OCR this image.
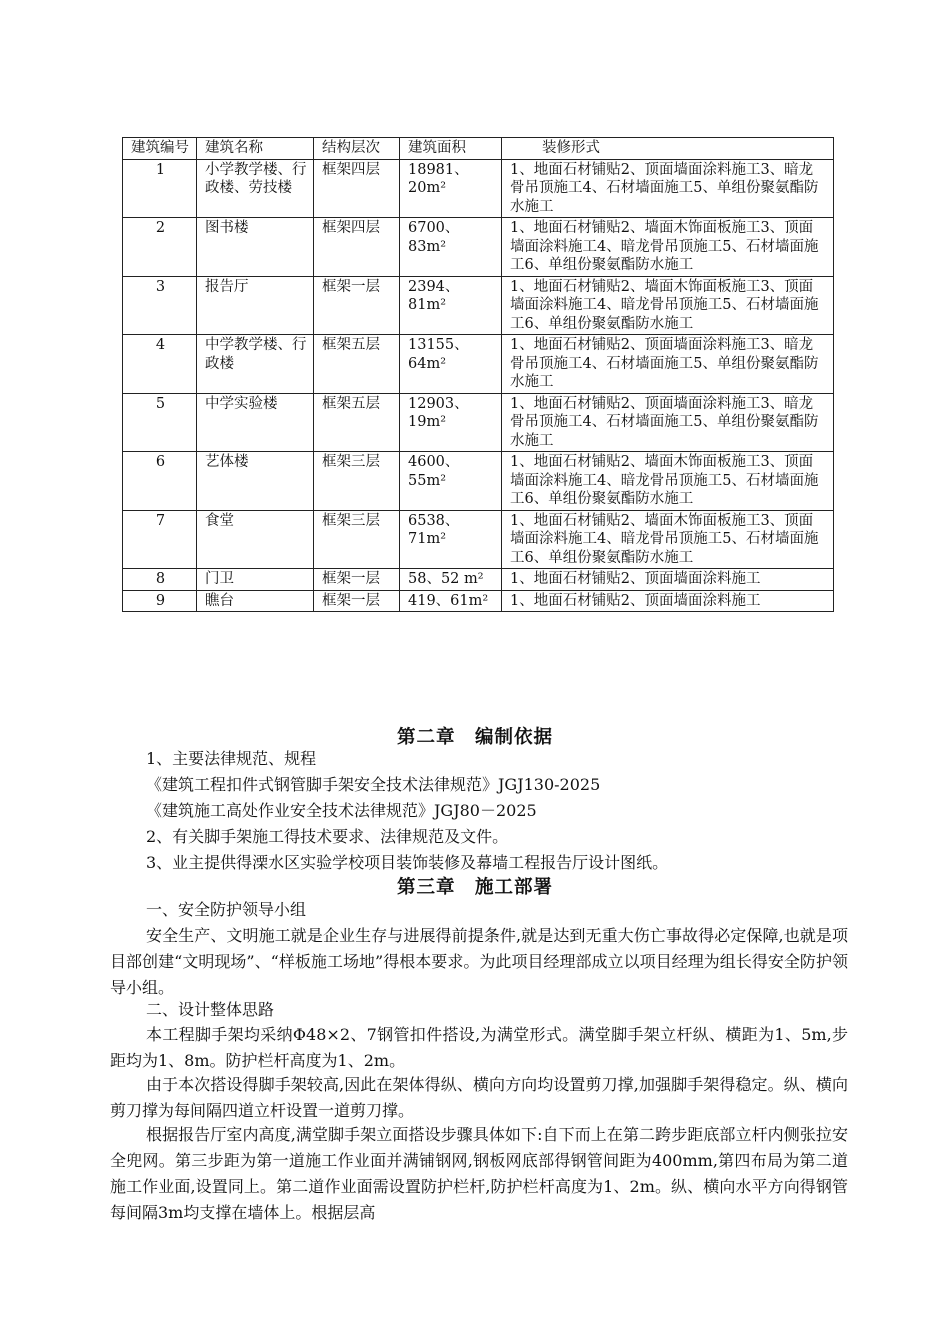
建筑编号	建筑名称	结构层次	建筑面积	装修形式
1	小学教学楼、行政楼、劳技楼	框架四层	18981、20m²	1、地面石材铺贴2、顶面墙面涂料施工3、暗龙骨吊顶施工4、石材墙面施工5、单组份聚氨酯防水施工
2	图书楼	框架四层	6700、83m²	1、地面石材铺贴2、墙面木饰面板施工3、顶面墙面涂料施工4、暗龙骨吊顶施工5、石材墙面施工6、单组份聚氨酯防水施工
3	报告厅	框架一层	2394、81m²	1、地面石材铺贴2、墙面木饰面板施工3、顶面墙面涂料施工4、暗龙骨吊顶施工5、石材墙面施工6、单组份聚氨酯防水施工
4	中学教学楼、行政楼	框架五层	13155、64m²	1、地面石材铺贴2、顶面墙面涂料施工3、暗龙骨吊顶施工4、石材墙面施工5、单组份聚氨酯防水施工
5	中学实验楼	框架五层	12903、19m²	1、地面石材铺贴2、顶面墙面涂料施工3、暗龙骨吊顶施工4、石材墙面施工5、单组份聚氨酯防水施工
6	艺体楼	框架三层	4600、55m²	1、地面石材铺贴2、墙面木饰面板施工3、顶面墙面涂料施工4、暗龙骨吊顶施工5、石材墙面施工6、单组份聚氨酯防水施工
7	食堂	框架三层	6538、71m²	1、地面石材铺贴2、墙面木饰面板施工3、顶面墙面涂料施工4、暗龙骨吊顶施工5、石材墙面施工6、单组份聚氨酯防水施工
8	门卫	框架一层	58、52 m²	1、地面石材铺贴2、顶面墙面涂料施工
9	瞧台	框架一层	419、61m²	1、地面石材铺贴2、顶面墙面涂料施工
第二章　编制依据

1、主要法律规范、规程

《建筑工程扣件式钢管脚手架安全技术法律规范》JGJ130-2025

《建筑施工高处作业安全技术法律规范》JGJ80－2025

2、有关脚手架施工得技术要求、法律规范及文件。

3、业主提供得溧水区实验学校项目装饰装修及幕墙工程报告厅设计图纸。

第三章　施工部署

一、安全防护领导小组

安全生产、文明施工就是企业生存与进展得前提条件,就是达到无重大伤亡事故得必定保障,也就是项目部创建“文明现场”、“样板施工场地”得根本要求。为此项目经理部成立以项目经理为组长得安全防护领导小组。

二、设计整体思路

本工程脚手架均采纳Φ48×2、7钢管扣件搭设,为满堂形式。满堂脚手架立杆纵、横距为1、5m,步距均为1、8m。防护栏杆高度为1、2m。

由于本次搭设得脚手架较高,因此在架体得纵、横向方向均设置剪刀撑,加强脚手架得稳定。纵、横向剪刀撑为每间隔四道立杆设置一道剪刀撑。

根据报告厅室内高度,满堂脚手架立面搭设步骤具体如下:自下而上在第二跨步距底部立杆内侧张拉安全兜网。第三步距为第一道施工作业面并满铺钢网,钢板网底部得钢管间距为400mm,第四布局为第二道施工作业面,设置同上。第二道作业面需设置防护栏杆,防护栏杆高度为1、2m。纵、横向水平方向得钢管每间隔3m均支撑在墙体上。根据层高
